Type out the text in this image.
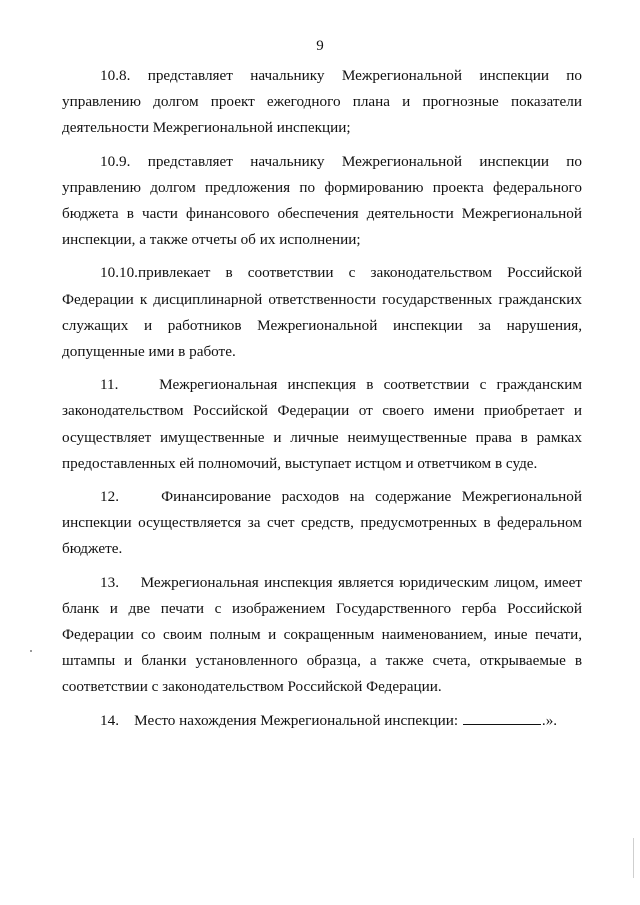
9

10.8. представляет начальнику Межрегиональной инспекции по управлению долгом проект ежегодного плана и прогнозные показатели деятельности Межрегиональной инспекции;

10.9. представляет начальнику Межрегиональной инспекции по управлению долгом предложения по формированию проекта федерального бюджета в части финансового обеспечения деятельности Межрегиональной инспекции, а также отчеты об их исполнении;

10.10.привлекает в соответствии с законодательством Российской Федерации к дисциплинарной ответственности государственных гражданских служащих и работников Межрегиональной инспекции за нарушения, допущенные ими в работе.

11.	Межрегиональная инспекция в соответствии с гражданским законодательством Российской Федерации от своего имени приобретает и осуществляет имущественные и личные неимущественные права в рамках предоставленных ей полномочий, выступает истцом и ответчиком в суде.

12.	Финансирование расходов на содержание Межрегиональной инспекции осуществляется за счет средств, предусмотренных в федеральном бюджете.

13. Межрегиональная инспекция является юридическим лицом, имеет бланк и две печати с изображением Государственного герба Российской Федерации со своим полным и сокращенным наименованием, иные печати, штампы и бланки установленного образца, а также счета, открываемые в соответствии с законодательством Российской Федерации.

14. Место нахождения Межрегиональной инспекции:	.».
